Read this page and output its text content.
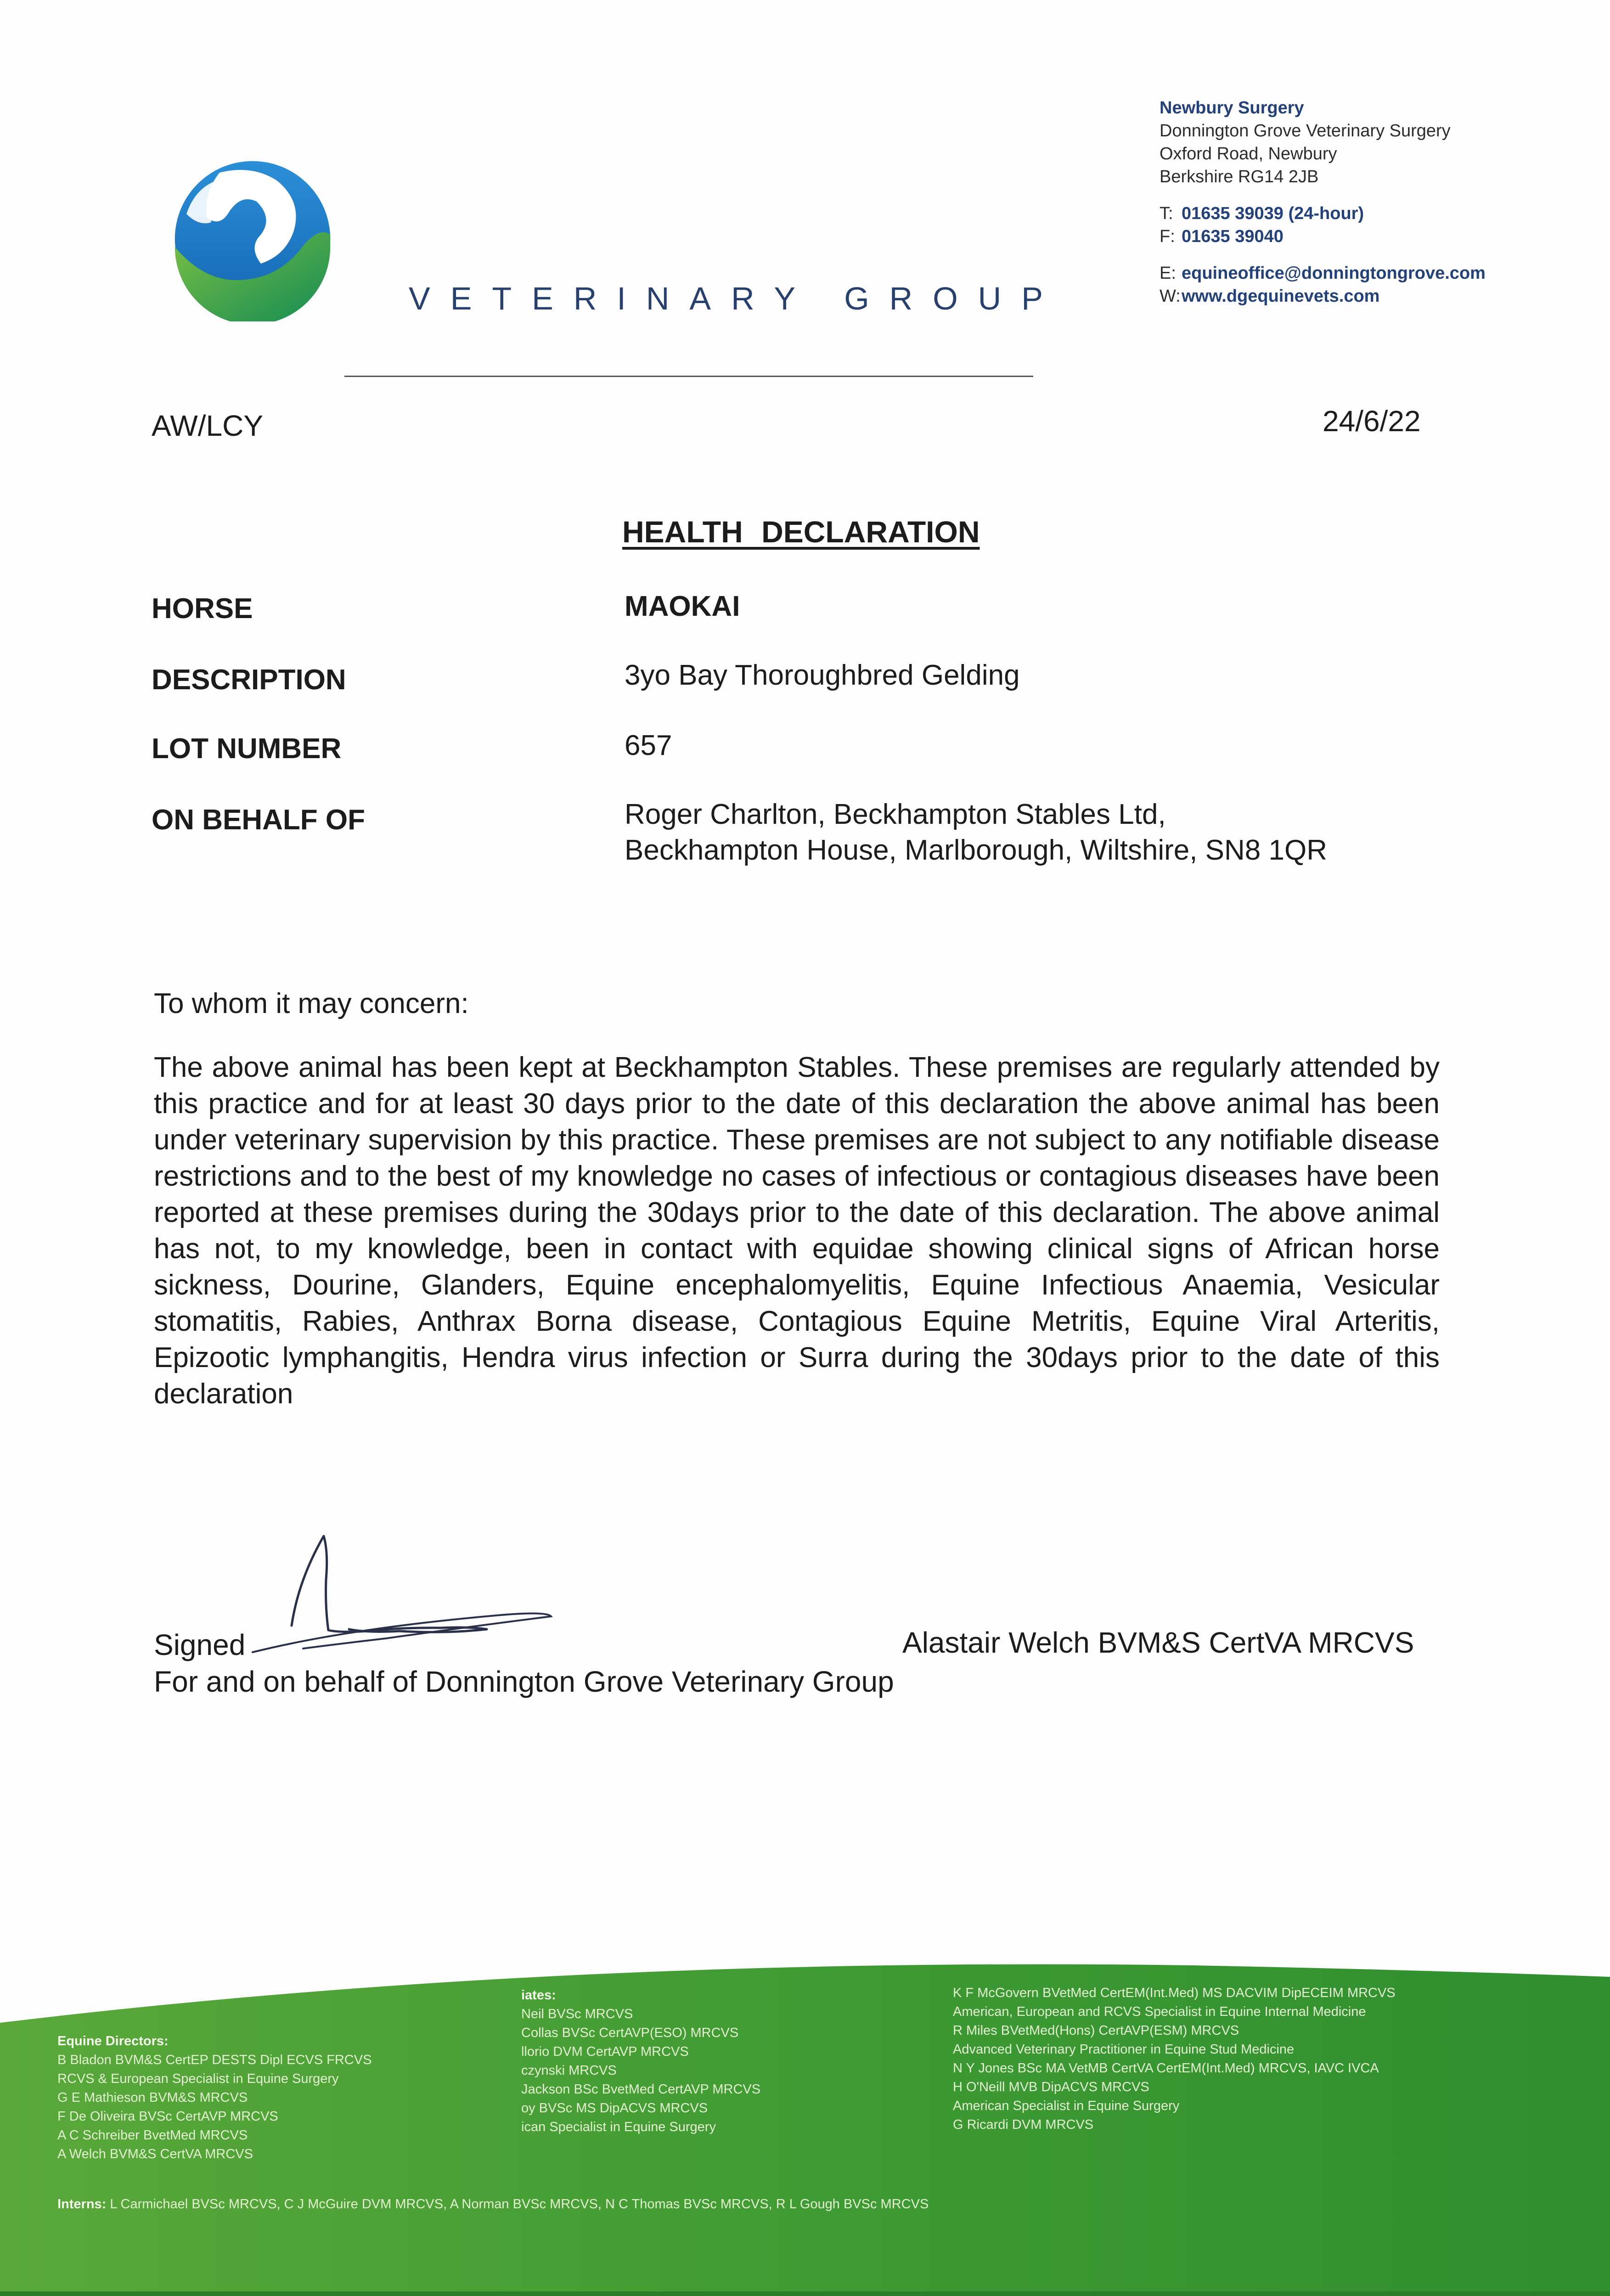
VETERINARY GROUP
Newbury Surgery
Donnington Grove Veterinary Surgery
Oxford Road, Newbury
Berkshire RG14 2JB
T: 01635 39039 (24-hour)
F: 01635 39040
E: equineoffice@donningtongrove.com
W:www.dgequinevets.com
AW/LCY	24/6/22
HEALTH DECLARATION
HORSE	MAOKAI
DESCRIPTION	3yo Bay Thoroughbred Gelding
LOT NUMBER	657
ON BEHALF OF	Roger Charlton, Beckhampton Stables Ltd,
Beckhampton House, Marlborough, Wiltshire, SN8 1QR
To whom it may concern:
The above animal has been kept at Beckhampton Stables. These premises are regularly attended by this practice and for at least 30 days prior to the date of this declaration the above animal has been under veterinary supervision by this practice. These premises are not subject to any notifiable disease restrictions and to the best of my knowledge no cases of infectious or contagious diseases have been reported at these premises during the 30days prior to the date of this declaration. The above animal has not, to my knowledge, been in contact with equidae showing clinical signs of African horse sickness, Dourine, Glanders, Equine encephalomyelitis, Equine Infectious Anaemia, Vesicular stomatitis, Rabies, Anthrax Borna disease, Contagious Equine Metritis, Equine Viral Arteritis, Epizootic lymphangitis, Hendra virus infection or Surra during the 30days prior to the date of this declaration
Signed	Alastair Welch BVM&S CertVA MRCVS
For and on behalf of Donnington Grove Veterinary Group
Equine Directors:
B Bladon BVM&S CertEP DESTS Dipl ECVS FRCVS
RCVS & European Specialist in Equine Surgery
G E Mathieson BVM&S MRCVS
F De Oliveira BVSc CertAVP MRCVS
A C Schreiber BvetMed MRCVS
A Welch BVM&S CertVA MRCVS
iates:
Neil BVSc MRCVS
Collas BVSc CertAVP(ESO) MRCVS
llorio DVM CertAVP MRCVS
czynski MRCVS
Jackson BSc BvetMed CertAVP MRCVS
oy BVSc MS DipACVS MRCVS
ican Specialist in Equine Surgery
K F McGovern BVetMed CertEM(Int.Med) MS DACVIM DipECEIM MRCVS
American, European and RCVS Specialist in Equine Internal Medicine
R Miles BVetMed(Hons) CertAVP(ESM) MRCVS
Advanced Veterinary Practitioner in Equine Stud Medicine
N Y Jones BSc MA VetMB CertVA CertEM(Int.Med) MRCVS, IAVC IVCA
H O'Neill MVB DipACVS MRCVS
American Specialist in Equine Surgery
G Ricardi DVM MRCVS
Interns: L Carmichael BVSc MRCVS, C J McGuire DVM MRCVS, A Norman BVSc MRCVS, N C Thomas BVSc MRCVS, R L Gough BVSc MRCVS
